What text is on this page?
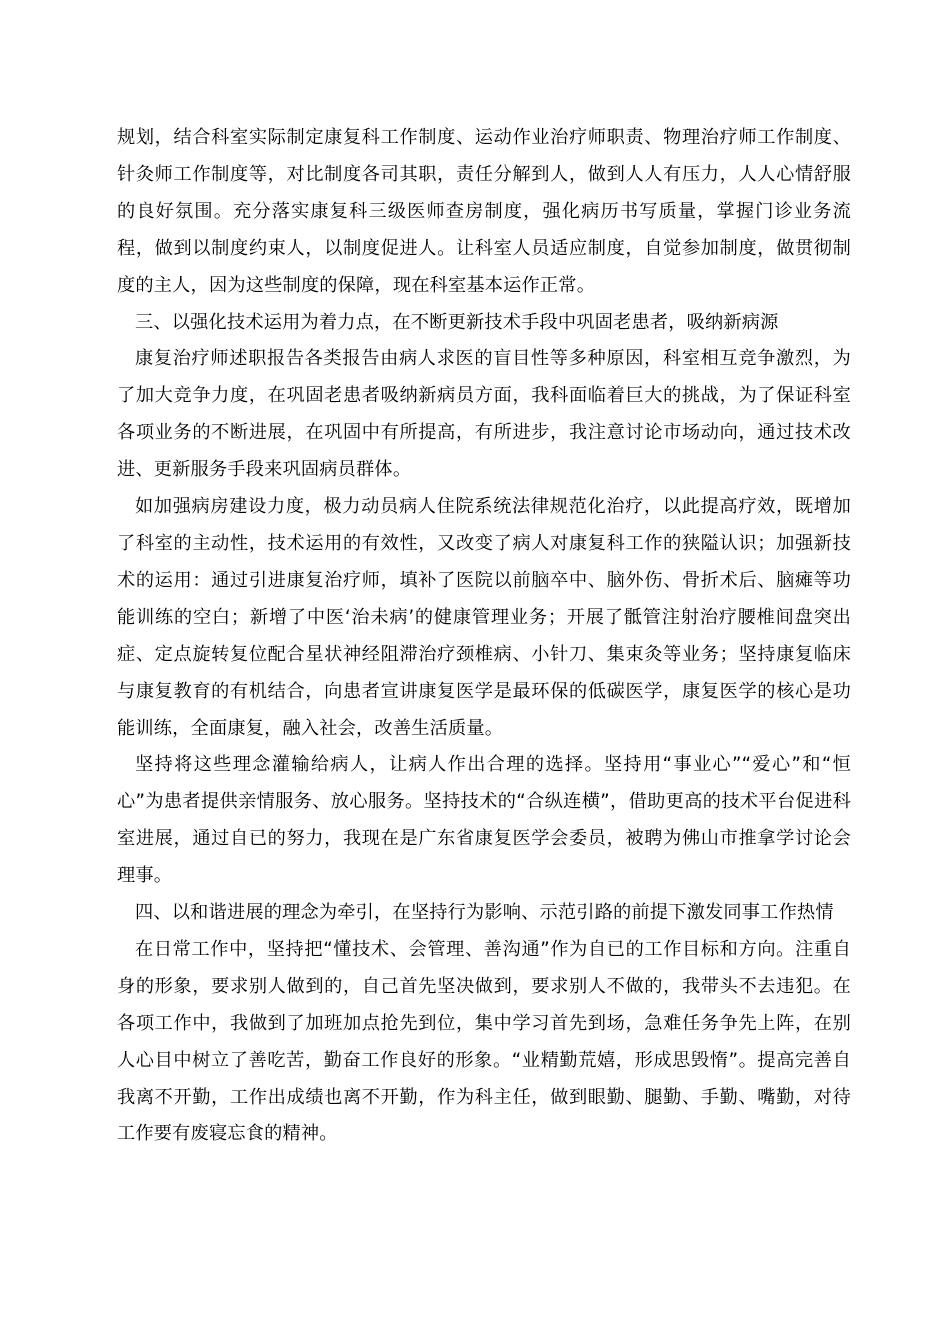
规划，结合科室实际制定康复科工作制度、运动作业治疗师职责、物理治疗师工作制度、针灸师工作制度等，对比制度各司其职，责任分解到人，做到人人有压力，人人心情舒服的良好氛围。充分落实康复科三级医师查房制度，强化病历书写质量，掌握门诊业务流程，做到以制度约束人，以制度促进人。让科室人员适应制度，自觉参加制度，做贯彻制度的主人，因为这些制度的保障，现在科室基本运作正常。

三、以强化技术运用为着力点，在不断更新技术手段中巩固老患者，吸纳新病源

康复治疗师述职报告各类报告由病人求医的盲目性等多种原因，科室相互竞争激烈，为了加大竞争力度，在巩固老患者吸纳新病员方面，我科面临着巨大的挑战，为了保证科室各项业务的不断进展，在巩固中有所提高，有所进步，我注意讨论市场动向，通过技术改进、更新服务手段来巩固病员群体。

如加强病房建设力度，极力动员病人住院系统法律规范化治疗，以此提高疗效，既增加了科室的主动性，技术运用的有效性，又改变了病人对康复科工作的狭隘认识；加强新技术的运用：通过引进康复治疗师，填补了医院以前脑卒中、脑外伤、骨折术后、脑瘫等功能训练的空白；新增了中医‘治未病’的健康管理业务；开展了骶管注射治疗腰椎间盘突出症、定点旋转复位配合星状神经阻滞治疗颈椎病、小针刀、集束灸等业务；坚持康复临床与康复教育的有机结合，向患者宣讲康复医学是最环保的低碳医学，康复医学的核心是功能训练，全面康复，融入社会，改善生活质量。

坚持将这些理念灌输给病人，让病人作出合理的选择。坚持用“事业心”“爱心”和“恒心”为患者提供亲情服务、放心服务。坚持技术的“合纵连横”，借助更高的技术平台促进科室进展，通过自已的努力，我现在是广东省康复医学会委员，被聘为佛山市推拿学讨论会理事。

四、以和谐进展的理念为牵引，在坚持行为影响、示范引路的前提下激发同事工作热情

在日常工作中，坚持把“懂技术、会管理、善沟通”作为自已的工作目标和方向。注重自身的形象，要求别人做到的，自己首先坚决做到，要求别人不做的，我带头不去违犯。在各项工作中，我做到了加班加点抢先到位，集中学习首先到场，急难任务争先上阵，在别人心目中树立了善吃苦，勤奋工作良好的形象。“业精勤荒嬉，形成思毁惰”。提高完善自我离不开勤，工作出成绩也离不开勤，作为科主任，做到眼勤、腿勤、手勤、嘴勤，对待工作要有废寝忘食的精神。
